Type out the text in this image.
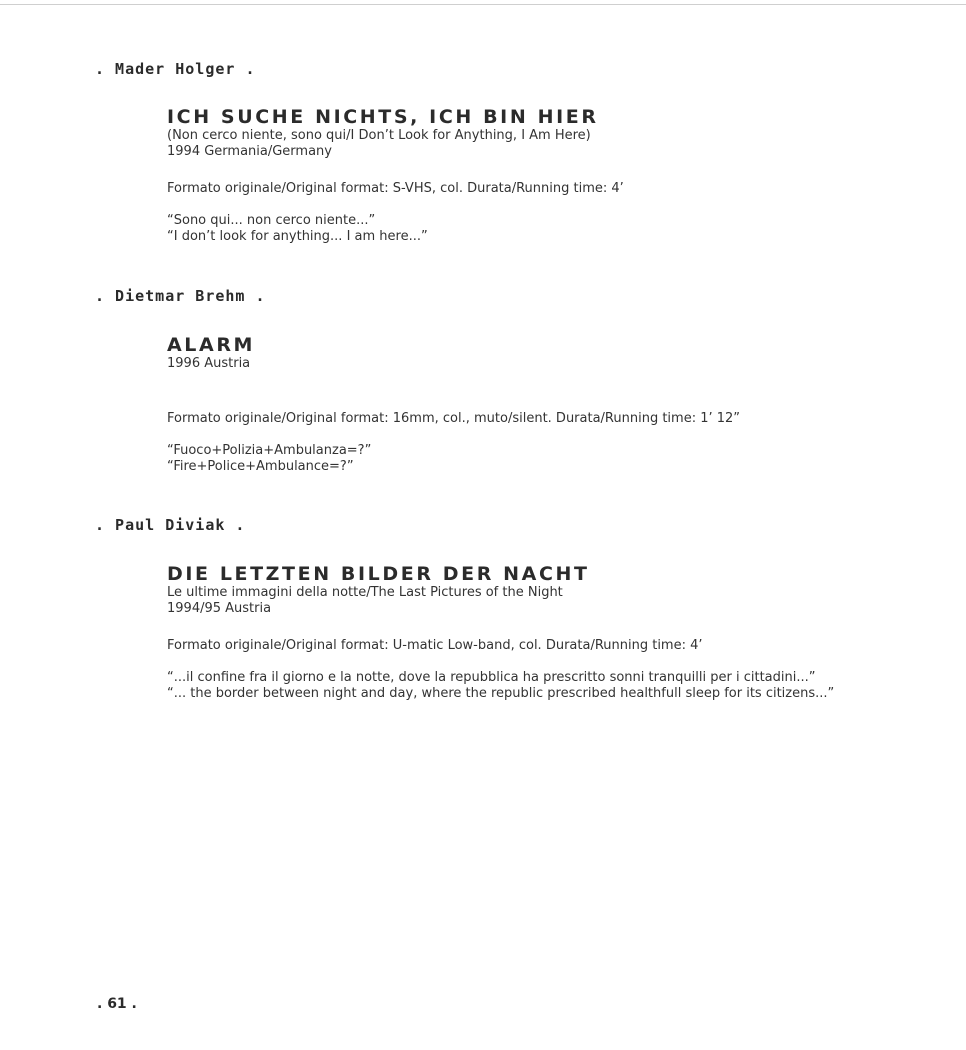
. Mader Holger .
ICH SUCHE NICHTS, ICH BIN HIER
(Non cerco niente, sono qui/I Don’t Look for Anything, I Am Here)
1994 Germania/Germany
Formato originale/Original format: S-VHS, col. Durata/Running time: 4’
“Sono qui... non cerco niente...”
“I don’t look for anything... I am here...”
. Dietmar Brehm .
ALARM
1996 Austria
Formato originale/Original format: 16mm, col., muto/silent. Durata/Running time: 1’ 12”
“Fuoco+Polizia+Ambulanza=?”
“Fire+Police+Ambulance=?”
. Paul Diviak .
DIE LETZTEN BILDER DER NACHT
Le ultime immagini della notte/The Last Pictures of the Night
1994/95 Austria
Formato originale/Original format: U-matic Low-band, col. Durata/Running time: 4’
“...il confine fra il giorno e la notte, dove la repubblica ha prescritto sonni tranquilli per i cittadini...”
“... the border between night and day, where the republic prescribed healthfull sleep for its citizens...”
. 61 .
